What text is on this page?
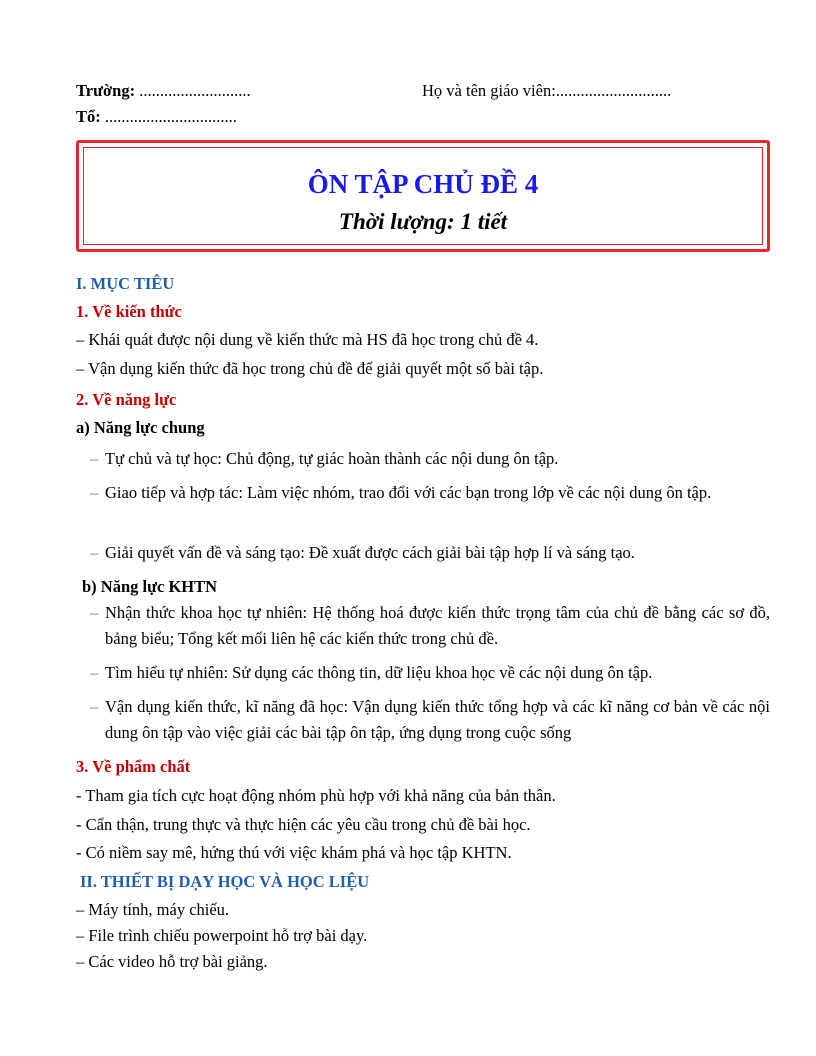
Trường: ...........................	Họ và tên giáo viên:............................
Tổ: ................................
ÔN TẬP CHỦ ĐỀ 4
Thời lượng: 1 tiết
I. MỤC TIÊU
1. Về kiến thức
– Khái quát được nội dung về kiến thức mà HS đã học trong chủ đề 4.
– Vận dụng kiến thức đã học trong chủ đề để giải quyết một số bài tập.
2. Về năng lực
a) Năng lực chung
– Tự chủ và tự học: Chủ động, tự giác hoàn thành các nội dung ôn tập.
– Giao tiếp và hợp tác: Làm việc nhóm, trao đổi với các bạn trong lớp về các nội dung ôn tập.
– Giải quyết vấn đề và sáng tạo: Đề xuất được cách giải bài tập hợp lí và sáng tạo.
b) Năng lực KHTN
– Nhận thức khoa học tự nhiên: Hệ thống hoá được kiến thức trọng tâm của chủ đề bằng các sơ đồ, bảng biểu; Tổng kết mối liên hệ các kiến thức trong chủ đề.
– Tìm hiểu tự nhiên: Sử dụng các thông tin, dữ liệu khoa học về các nội dung ôn tập.
– Vận dụng kiến thức, kĩ năng đã học: Vận dụng kiến thức tổng hợp và các kĩ năng cơ bản về các nội dung ôn tập vào việc giải các bài tập ôn tập, ứng dụng trong cuộc sống
3. Về phẩm chất
- Tham gia tích cực hoạt động nhóm phù hợp với khả năng của bản thân.
- Cẩn thận, trung thực và thực hiện các yêu cầu trong chủ đề bài học.
- Có niềm say mê, hứng thú với việc khám phá và học tập KHTN.
II. THIẾT BỊ DẠY HỌC VÀ HỌC LIỆU
– Máy tính, máy chiếu.
– File trình chiếu powerpoint hỗ trợ bài dạy.
– Các video hỗ trợ bài giảng.
